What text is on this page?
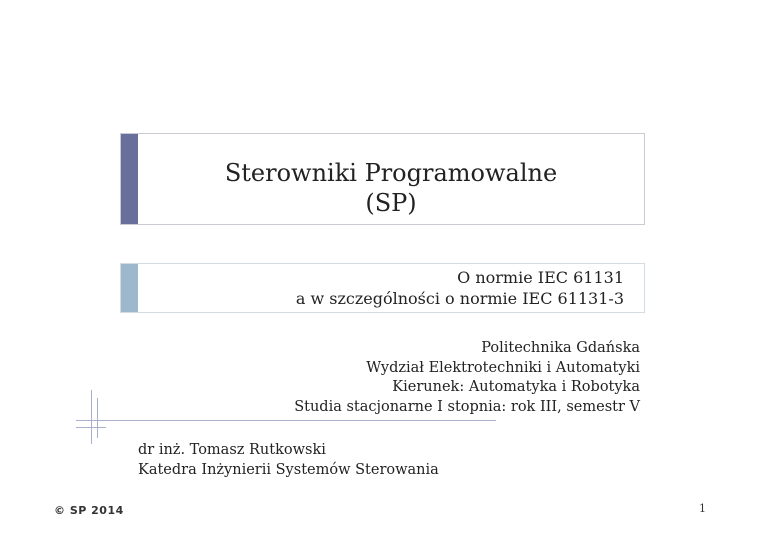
Sterowniki Programowalne
(SP)
O normie IEC 61131
a w szczególności o normie IEC 61131-3
Politechnika Gdańska
Wydział Elektrotechniki i Automatyki
Kierunek: Automatyka i Robotyka
Studia stacjonarne I stopnia: rok III, semestr V
dr inż. Tomasz Rutkowski
Katedra Inżynierii Systemów Sterowania
© SP 2014	1
